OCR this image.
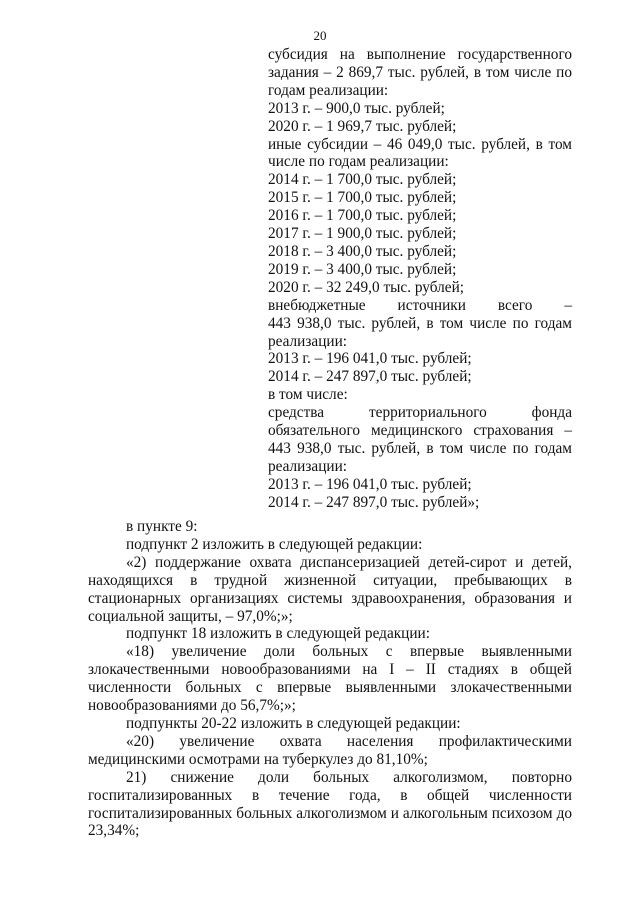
20
субсидия на выполнение государственного
задания – 2 869,7 тыс. рублей, в том числе по
годам реализации:
2013 г. – 900,0 тыс. рублей;
2020 г. – 1 969,7 тыс. рублей;
иные субсидии – 46 049,0 тыс. рублей, в том
числе по годам реализации:
2014 г. – 1 700,0 тыс. рублей;
2015 г. – 1 700,0 тыс. рублей;
2016 г. – 1 700,0 тыс. рублей;
2017 г. – 1 900,0 тыс. рублей;
2018 г. – 3 400,0 тыс. рублей;
2019 г. – 3 400,0 тыс. рублей;
2020 г. – 32 249,0 тыс. рублей;
внебюджетные источники всего –
443 938,0 тыс. рублей, в том числе по годам
реализации:
2013 г. – 196 041,0 тыс. рублей;
2014 г. – 247 897,0 тыс. рублей;
в том числе:
средства территориального фонда
обязательного медицинского страхования –
443 938,0 тыс. рублей, в том числе по годам
реализации:
2013 г. – 196 041,0 тыс. рублей;
2014 г. – 247 897,0 тыс. рублей»;
в пункте 9:
подпункт 2 изложить в следующей редакции:
«2) поддержание охвата диспансеризацией детей-сирот и детей,
находящихся в трудной жизненной ситуации, пребывающих в
стационарных организациях системы здравоохранения, образования и
социальной защиты, – 97,0%;»;
подпункт 18 изложить в следующей редакции:
«18) увеличение доли больных с впервые выявленными
злокачественными новообразованиями на I – II стадиях в общей
численности больных с впервые выявленными злокачественными
новообразованиями до 56,7%;»;
подпункты 20-22 изложить в следующей редакции:
«20) увеличение охвата населения профилактическими
медицинскими осмотрами на туберкулез до 81,10%;
21) снижение доли больных алкоголизмом, повторно
госпитализированных в течение года, в общей численности
госпитализированных больных алкоголизмом и алкогольным психозом до
23,34%;
